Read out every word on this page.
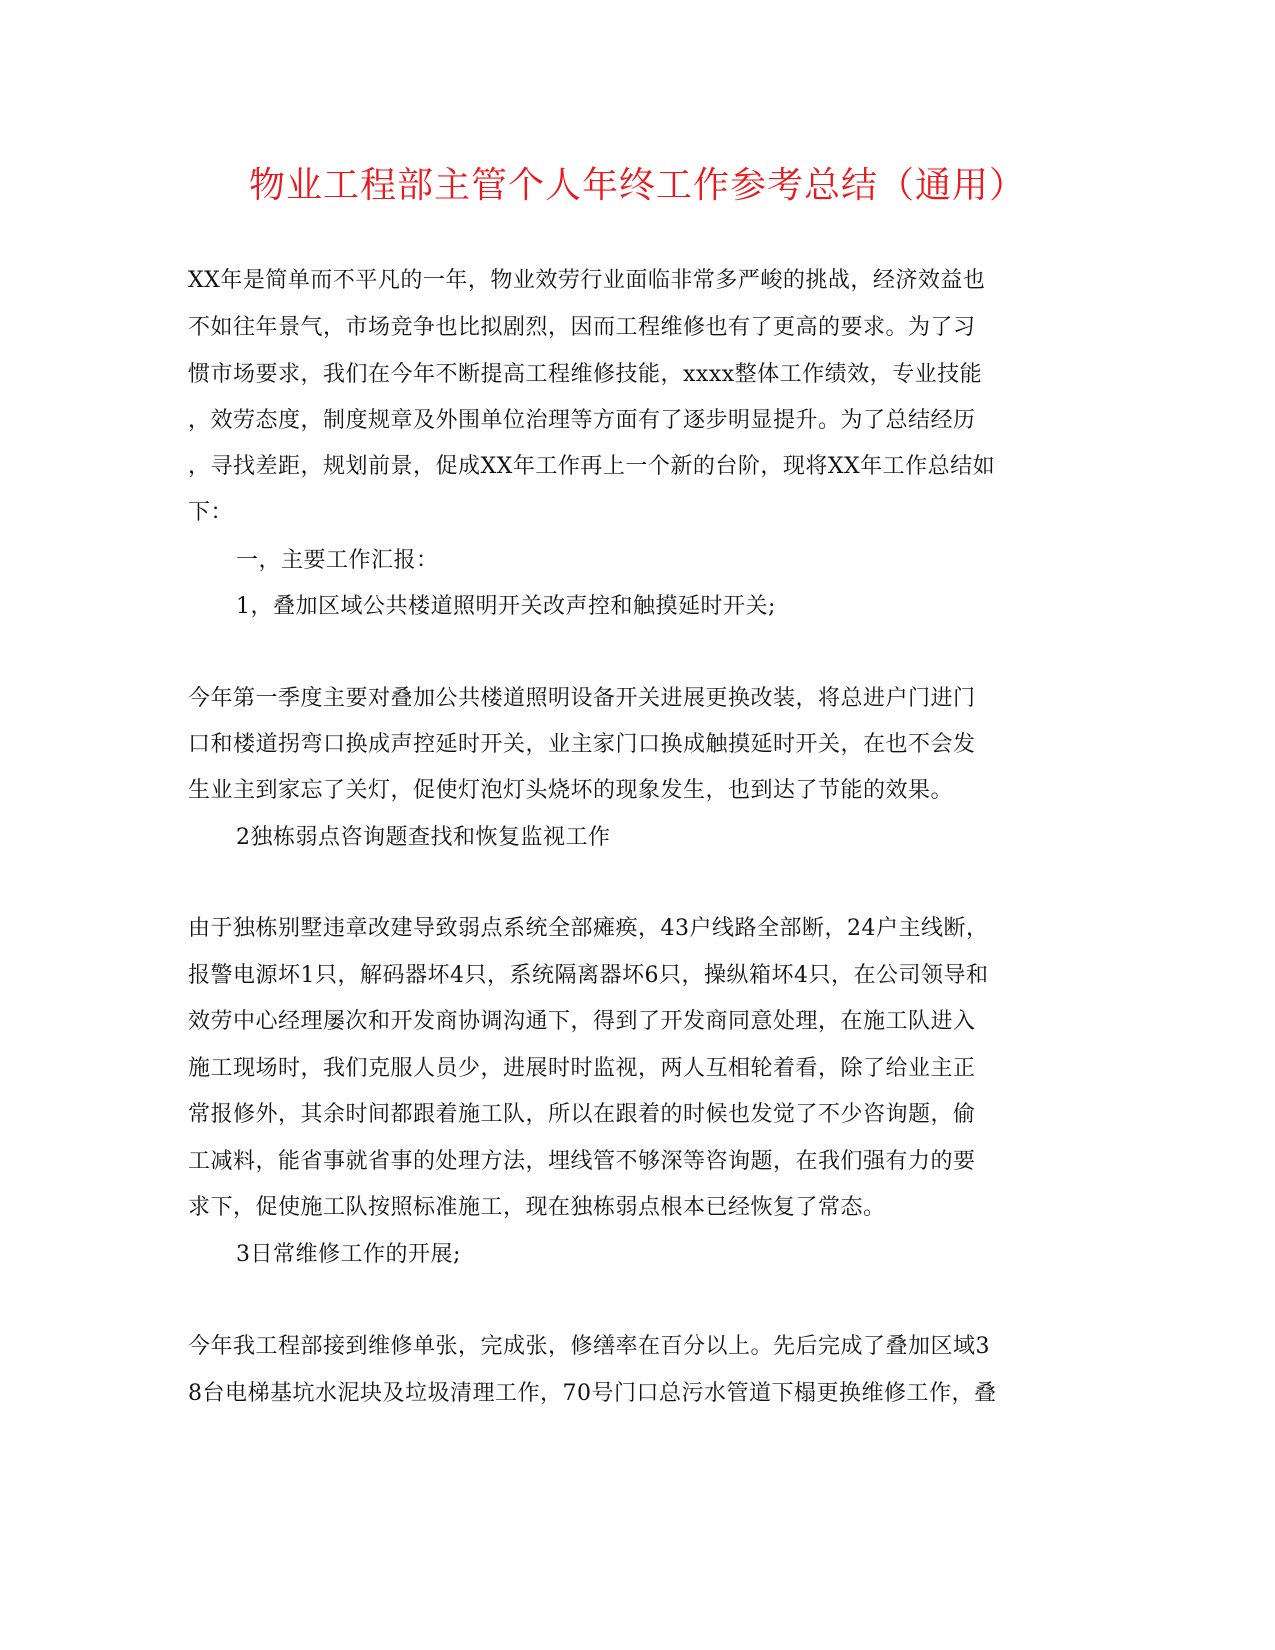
物业工程部主管个人年终工作参考总结（通用）
XX年是简单而不平凡的一年，物业效劳行业面临非常多严峻的挑战，经济效益也
不如往年景气，市场竞争也比拟剧烈，因而工程维修也有了更高的要求。为了习
惯市场要求，我们在今年不断提高工程维修技能，xxxx整体工作绩效，专业技能
，效劳态度，制度规章及外围单位治理等方面有了逐步明显提升。为了总结经历
，寻找差距，规划前景，促成XX年工作再上一个新的台阶，现将XX年工作总结如
下：
一，主要工作汇报：
1，叠加区域公共楼道照明开关改声控和触摸延时开关;
今年第一季度主要对叠加公共楼道照明设备开关进展更换改装，将总进户门进门
口和楼道拐弯口换成声控延时开关，业主家门口换成触摸延时开关，在也不会发
生业主到家忘了关灯，促使灯泡灯头烧坏的现象发生，也到达了节能的效果。
2独栋弱点咨询题查找和恢复监视工作
由于独栋别墅违章改建导致弱点系统全部瘫痪，43户线路全部断，24户主线断，
报警电源坏1只，解码器坏4只，系统隔离器坏6只，操纵箱坏4只，在公司领导和
效劳中心经理屡次和开发商协调沟通下，得到了开发商同意处理，在施工队进入
施工现场时，我们克服人员少，进展时时监视，两人互相轮着看，除了给业主正
常报修外，其余时间都跟着施工队，所以在跟着的时候也发觉了不少咨询题，偷
工减料，能省事就省事的处理方法，埋线管不够深等咨询题，在我们强有力的要
求下，促使施工队按照标准施工，现在独栋弱点根本已经恢复了常态。
3日常维修工作的开展;
今年我工程部接到维修单张，完成张，修缮率在百分以上。先后完成了叠加区域3
8台电梯基坑水泥块及垃圾清理工作，70号门口总污水管道下榻更换维修工作，叠
